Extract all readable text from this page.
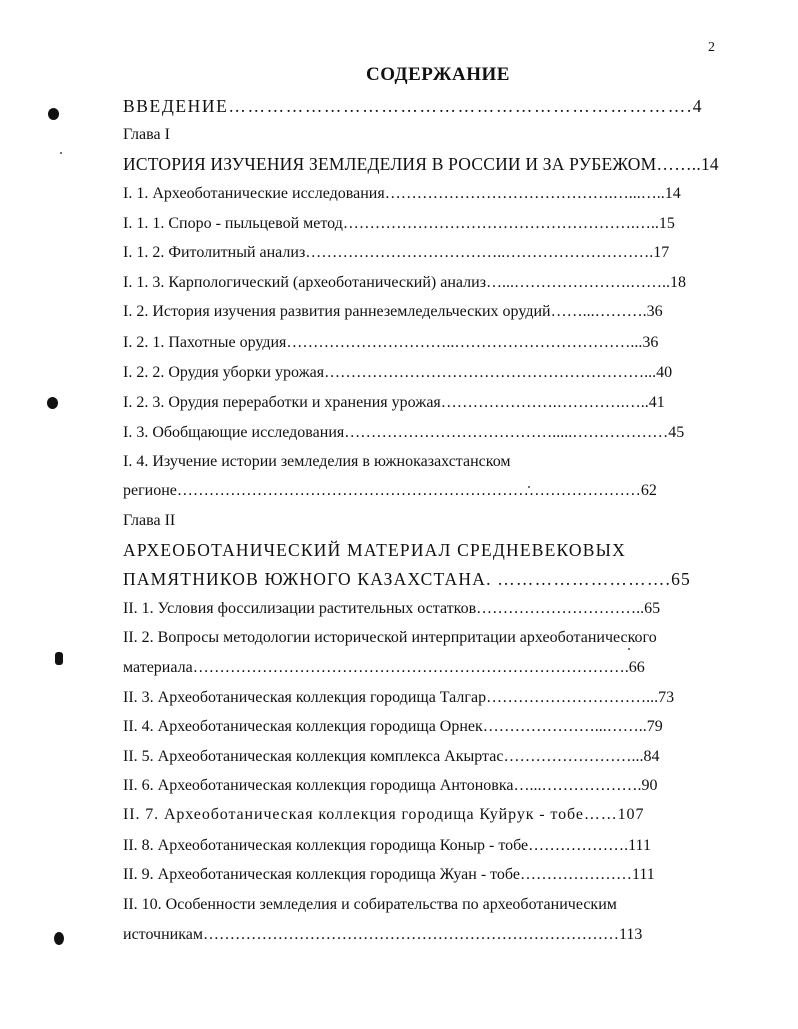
2
СОДЕРЖАНИЕ
ВВЕДЕНИЕ……………………………………………………………….4
Глава I
ИСТОРИЯ ИЗУЧЕНИЯ ЗЕМЛЕДЕЛИЯ В РОССИИ И ЗА РУБЕЖОМ……..14
I. 1. Археоботанические исследования…………………………………….…...…..14
I. 1. 1. Споро - пыльцевой метод……………………………………………….…..15
I. 1. 2. Фитолитный анализ………………………………..……………………….17
I. 1. 3. Карпологический (археоботанический) анализ…...………………….……..18
I. 2. История изучения развития раннеземледельческих орудий……...……….36
I. 2. 1. Пахотные орудия…………………………..……………………………...36
I. 2. 2. Орудия уборки урожая……………………………………………………...40
I. 2. 3. Орудия переработки и хранения урожая………………….………….…..41
I. 3. Обобщающие исследования………………………………….....………………45
I. 4. Изучение истории земледелия в южноказахстанском
регионе……………………………………………………………………………62
Глава II
АРХЕОБОТАНИЧЕСКИЙ МАТЕРИАЛ СРЕДНЕВЕКОВЫХ
ПАМЯТНИКОВ ЮЖНОГО КАЗАХСТАНА. ……………………….65
II. 1. Условия фоссилизации растительных остатков…………………………..65
II. 2. Вопросы методологии исторической интерпритации археоботанического
материала……………………………………………………………………….66
II. 3. Археоботаническая коллекция городища Талгар…………………………...73
II. 4. Археоботаническая коллекция городища Орнек…………………...……..79
II. 5. Археоботаническая коллекция комплекса Акыртас……………………...84
II. 6. Археоботаническая коллекция городища Антоновка…...……………….90
II. 7. Археоботаническая коллекция городища Куйрук - тобе……107
II. 8. Археоботаническая коллекция городища Коныр - тобе……………….111
II. 9. Археоботаническая коллекция городища Жуан - тобе…………………111
II. 10. Особенности земледелия и собирательства по археоботаническим
источникам……………………………………………………………………113
